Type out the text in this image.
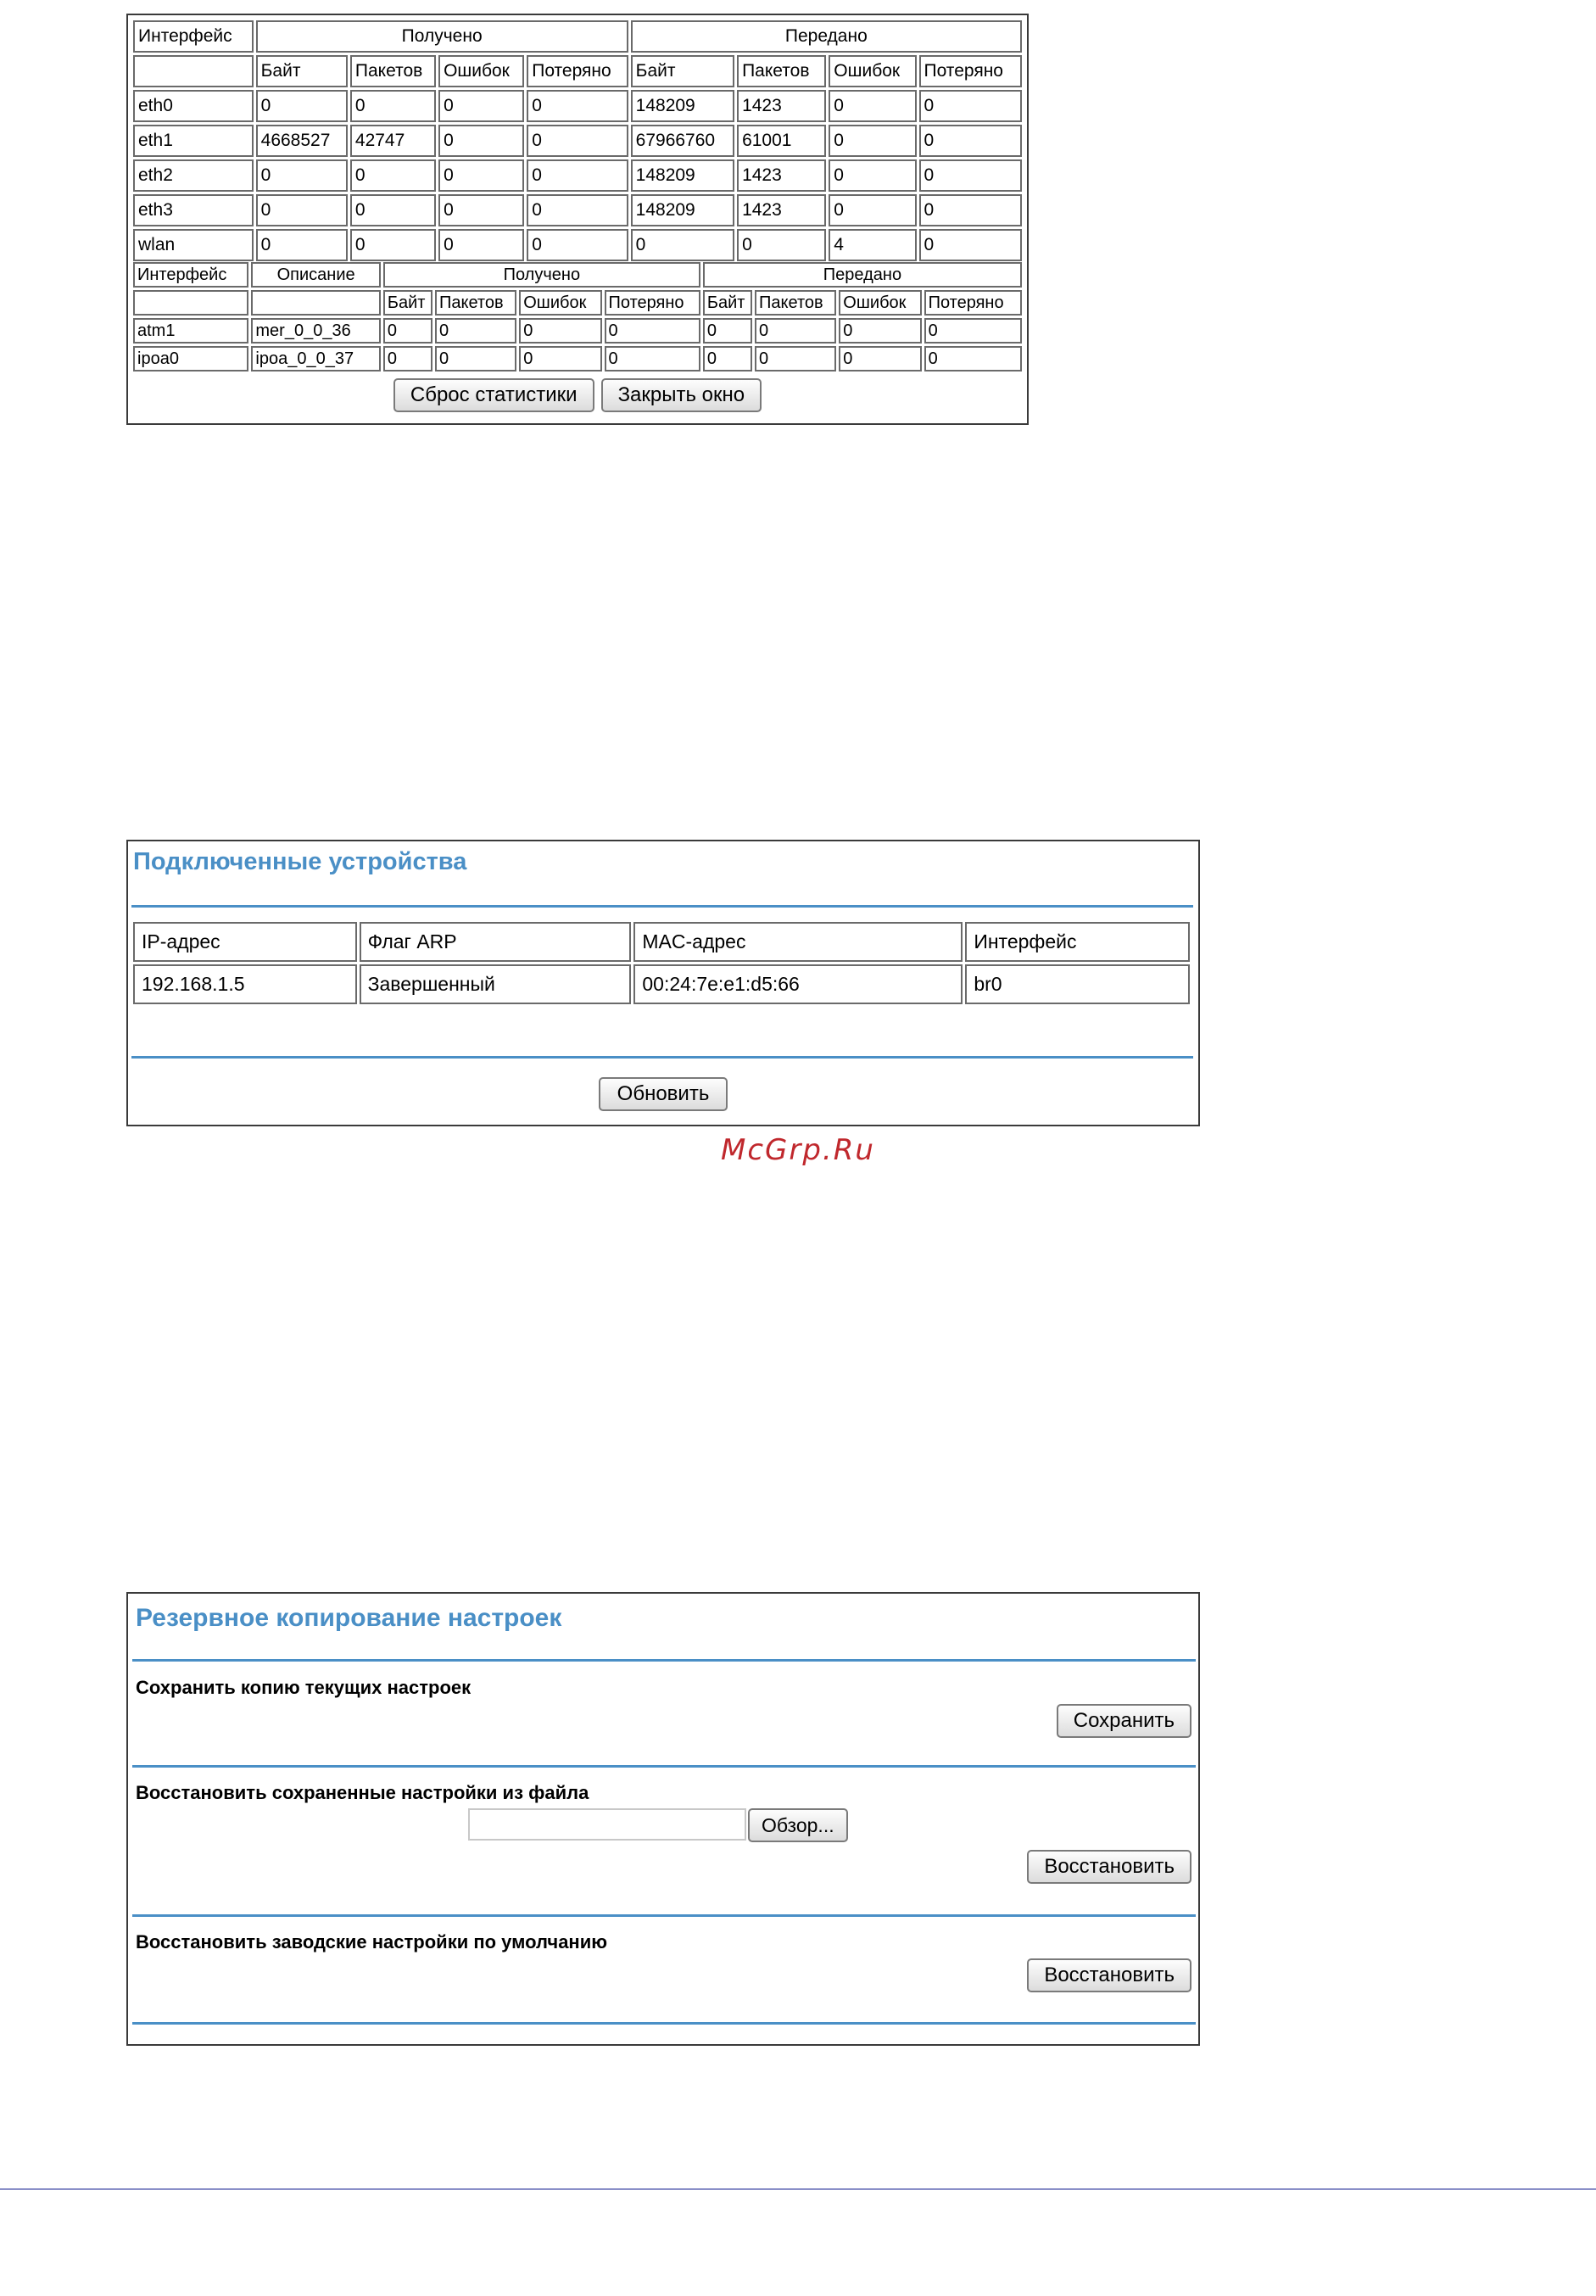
Интерфейс	Получено				Передано			
	Байт	Пакетов	Ошибок	Потеряно	Байт	Пакетов	Ошибок	Потеряно
eth0	0	0	0	0	148209	1423	0	0
eth1	4668527	42747	0	0	67966760	61001	0	0
eth2	0	0	0	0	148209	1423	0	0
eth3	0	0	0	0	148209	1423	0	0
wlan	0	0	0	0	0	0	4	0
Интерфейс	Описание	Получено				Передано			
		Байт	Пакетов	Ошибок	Потеряно	Байт	Пакетов	Ошибок	Потеряно
atm1	mer_0_0_36	0	0	0	0	0	0	0	0
ipoa0	ipoa_0_0_37	0	0	0	0	0	0	0	0
Сброс статистики	Закрыть окно
Подключенные устройства
IP-адрес	Флаг ARP	MAC-адрес	Интерфейс
192.168.1.5	Завершенный	00:24:7e:e1:d5:66	br0
Обновить
McGrp.Ru
Резервное копирование настроек
Сохранить копию текущих настроек
Сохранить
Восстановить сохраненные настройки из файла
Обзор...
Восстановить
Восстановить заводские настройки по умолчанию
Восстановить
